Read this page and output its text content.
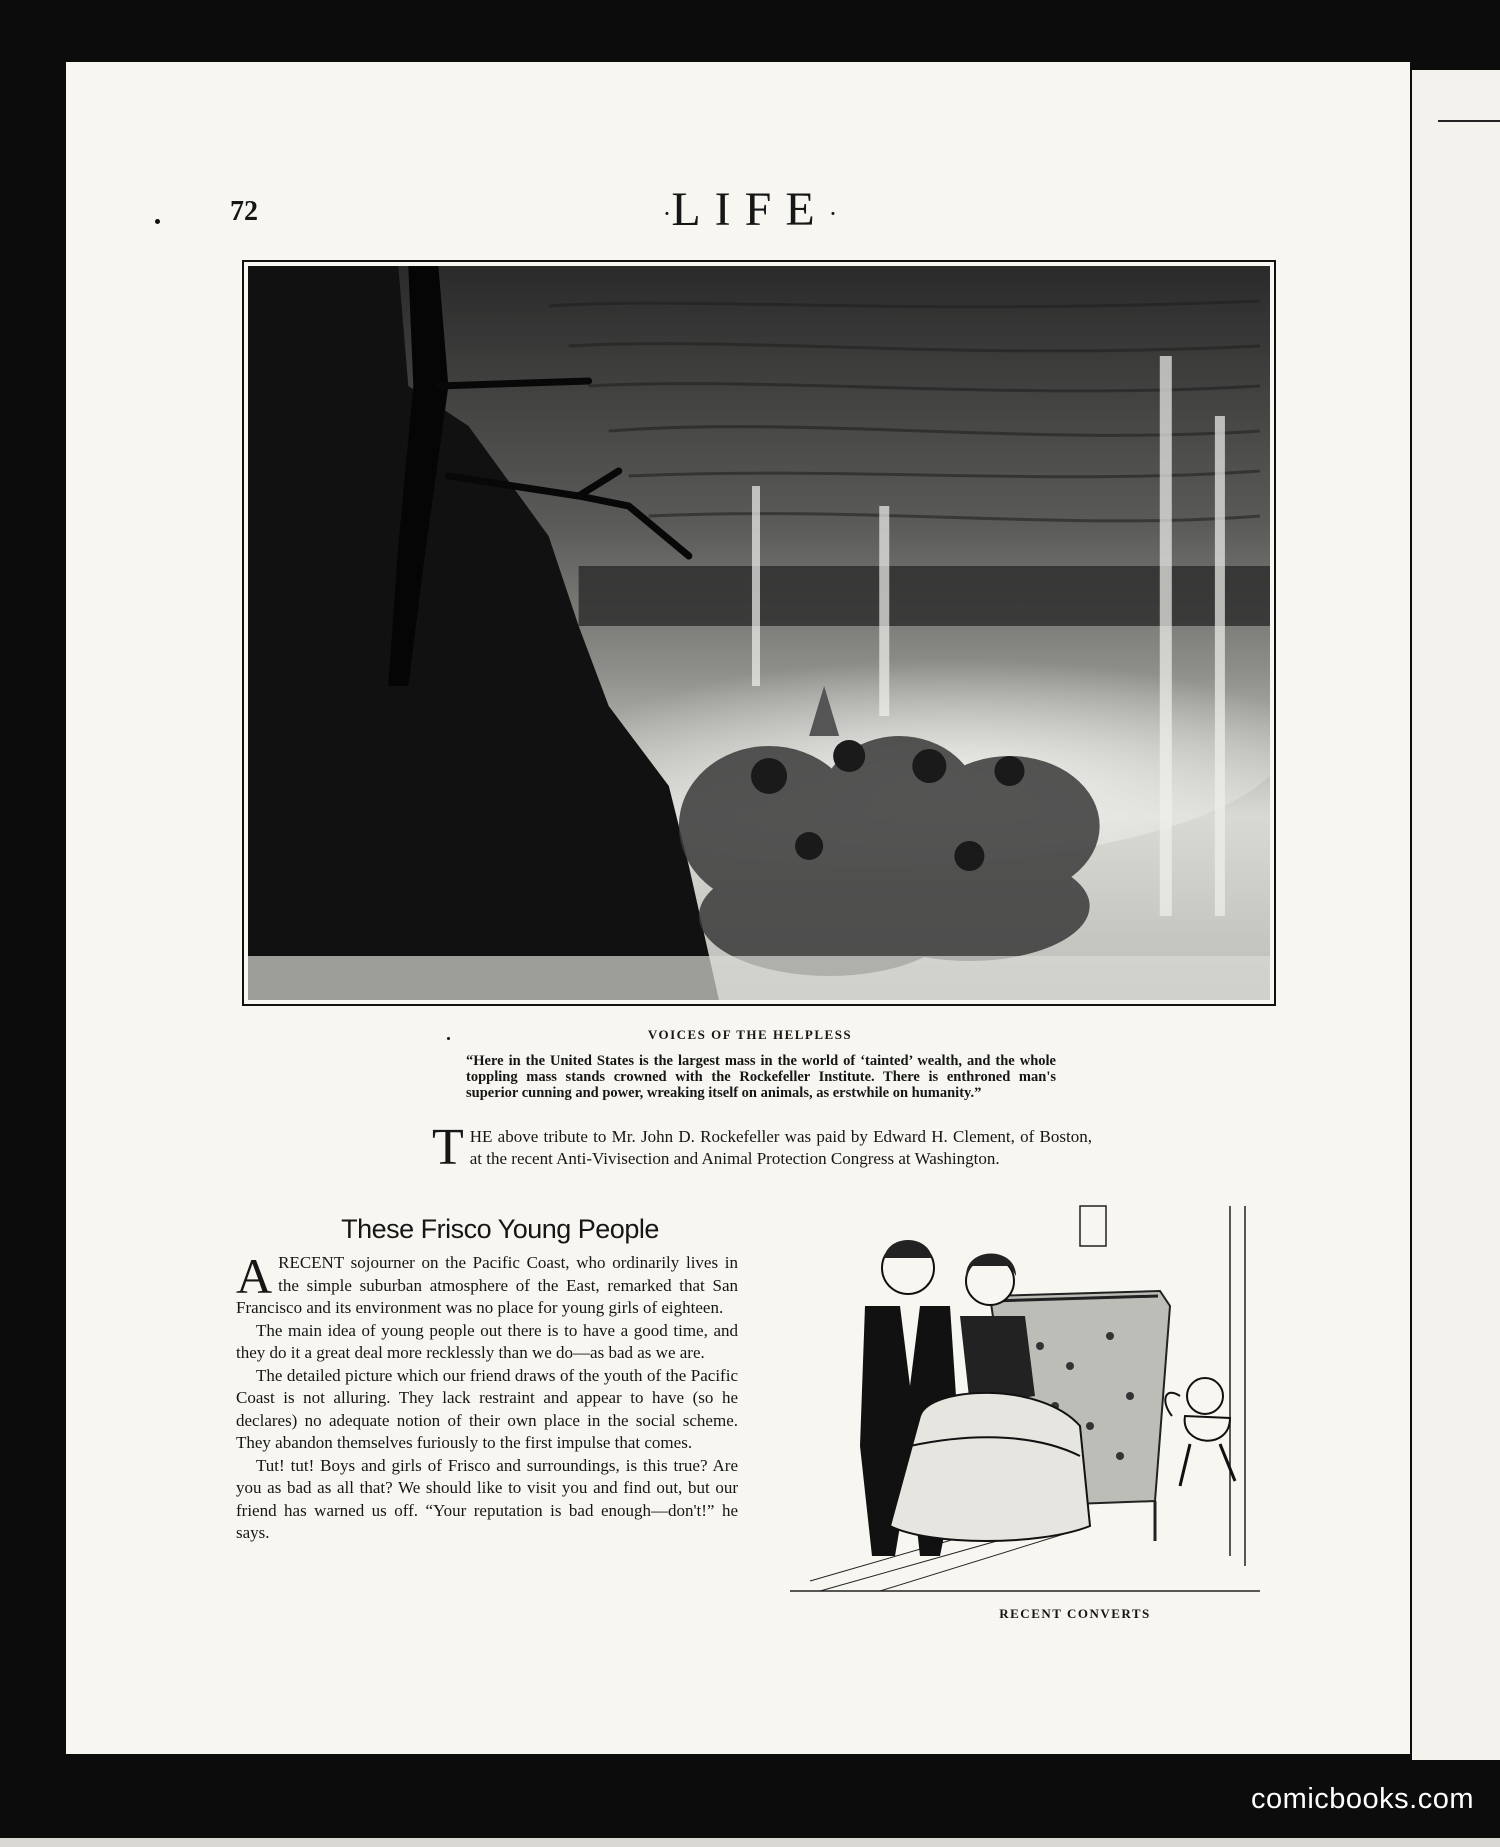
72	·LIFE·
VOICES OF THE HELPLESS
“Here in the United States is the largest mass in the world of ‘tainted’ wealth, and the whole toppling mass stands crowned with the Rockefeller Institute. There is enthroned man's superior cunning and power, wreaking itself on animals, as erstwhile on humanity.”
THE above tribute to Mr. John D. Rockefeller was paid by Edward H. Clement, of Boston, at the recent Anti-Vivisection and Animal Protection Congress at Washington.
These Frisco Young People

A RECENT sojourner on the Pacific Coast, who ordinarily lives in the simple suburban atmosphere of the East, remarked that San Francisco and its environment was no place for young girls of eighteen.

The main idea of young people out there is to have a good time, and they do it a great deal more recklessly than we do—as bad as we are.

The detailed picture which our friend draws of the youth of the Pacific Coast is not alluring. They lack restraint and appear to have (so he declares) no adequate notion of their own place in the social scheme. They abandon themselves furiously to the first impulse that comes.

Tut! tut! Boys and girls of Frisco and surroundings, is this true? Are you as bad as all that? We should like to visit you and find out, but our friend has warned us off. “Your reputation is bad enough—don't!” he says.

RECENT CONVERTS
comicbooks.com
